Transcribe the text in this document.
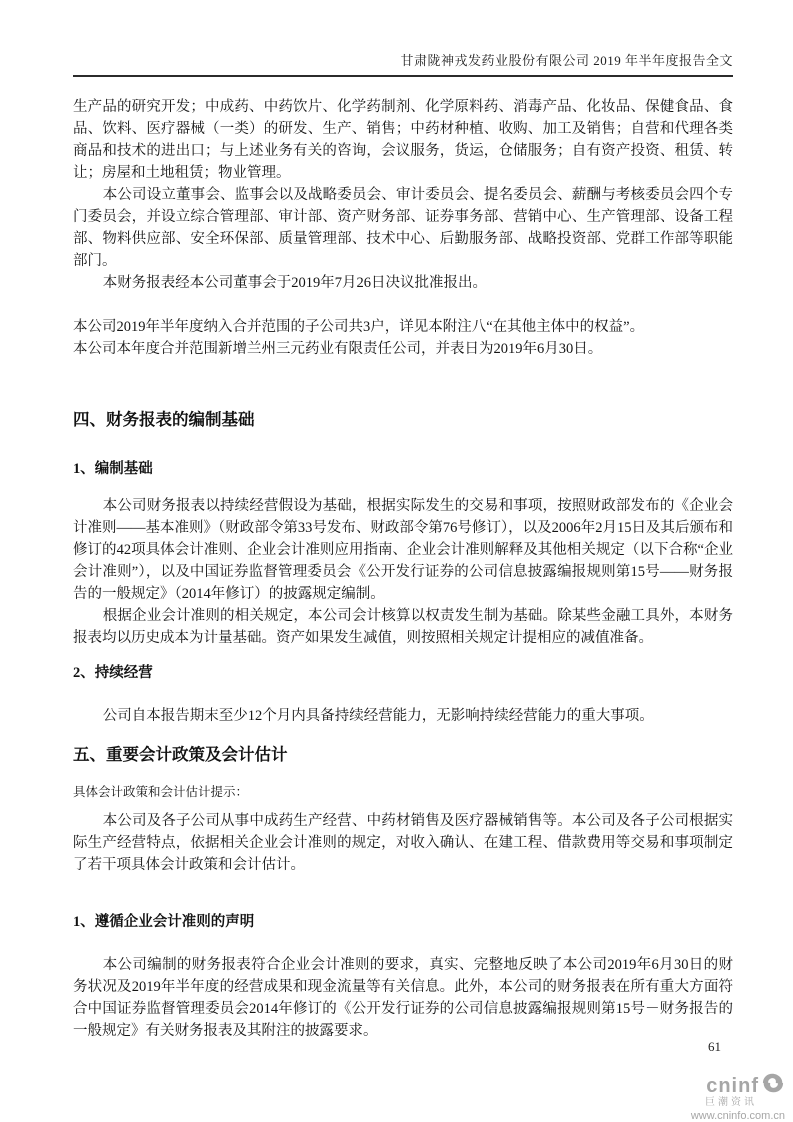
甘肃陇神戎发药业股份有限公司 2019 年半年度报告全文

生产品的研究开发；中成药、中药饮片、化学药制剂、化学原料药、消毒产品、化妆品、保健食品、食品、饮料、医疗器械（一类）的研发、生产、销售；中药材种植、收购、加工及销售；自营和代理各类商品和技术的进出口；与上述业务有关的咨询，会议服务，货运，仓储服务；自有资产投资、租赁、转让；房屋和土地租赁；物业管理。

本公司设立董事会、监事会以及战略委员会、审计委员会、提名委员会、薪酬与考核委员会四个专门委员会，并设立综合管理部、审计部、资产财务部、证券事务部、营销中心、生产管理部、设备工程部、物料供应部、安全环保部、质量管理部、技术中心、后勤服务部、战略投资部、党群工作部等职能部门。

本财务报表经本公司董事会于2019年7月26日决议批准报出。

本公司2019年半年度纳入合并范围的子公司共3户，详见本附注八“在其他主体中的权益”。

本公司本年度合并范围新增兰州三元药业有限责任公司，并表日为2019年6月30日。

四、财务报表的编制基础
1、编制基础

本公司财务报表以持续经营假设为基础，根据实际发生的交易和事项，按照财政部发布的《企业会计准则——基本准则》（财政部令第33号发布、财政部令第76号修订），以及2006年2月15日及其后颁布和修订的42项具体会计准则、企业会计准则应用指南、企业会计准则解释及其他相关规定（以下合称“企业会计准则”），以及中国证券监督管理委员会《公开发行证券的公司信息披露编报规则第15号——财务报告的一般规定》（2014年修订）的披露规定编制。

根据企业会计准则的相关规定，本公司会计核算以权责发生制为基础。除某些金融工具外，本财务报表均以历史成本为计量基础。资产如果发生减值，则按照相关规定计提相应的减值准备。

2、持续经营

公司自本报告期末至少12个月内具备持续经营能力，无影响持续经营能力的重大事项。

五、重要会计政策及会计估计

具体会计政策和会计估计提示：

本公司及各子公司从事中成药生产经营、中药材销售及医疗器械销售等。本公司及各子公司根据实际生产经营特点，依据相关企业会计准则的规定，对收入确认、在建工程、借款费用等交易和事项制定了若干项具体会计政策和会计估计。

1、遵循企业会计准则的声明

本公司编制的财务报表符合企业会计准则的要求，真实、完整地反映了本公司2019年6月30日的财务状况及2019年半年度的经营成果和现金流量等有关信息。此外，本公司的财务报表在所有重大方面符合中国证券监督管理委员会2014年修订的《公开发行证券的公司信息披露编报规则第15号－财务报告的一般规定》有关财务报表及其附注的披露要求。

61
cninf
巨潮资讯
www.cninfo.com.cn
